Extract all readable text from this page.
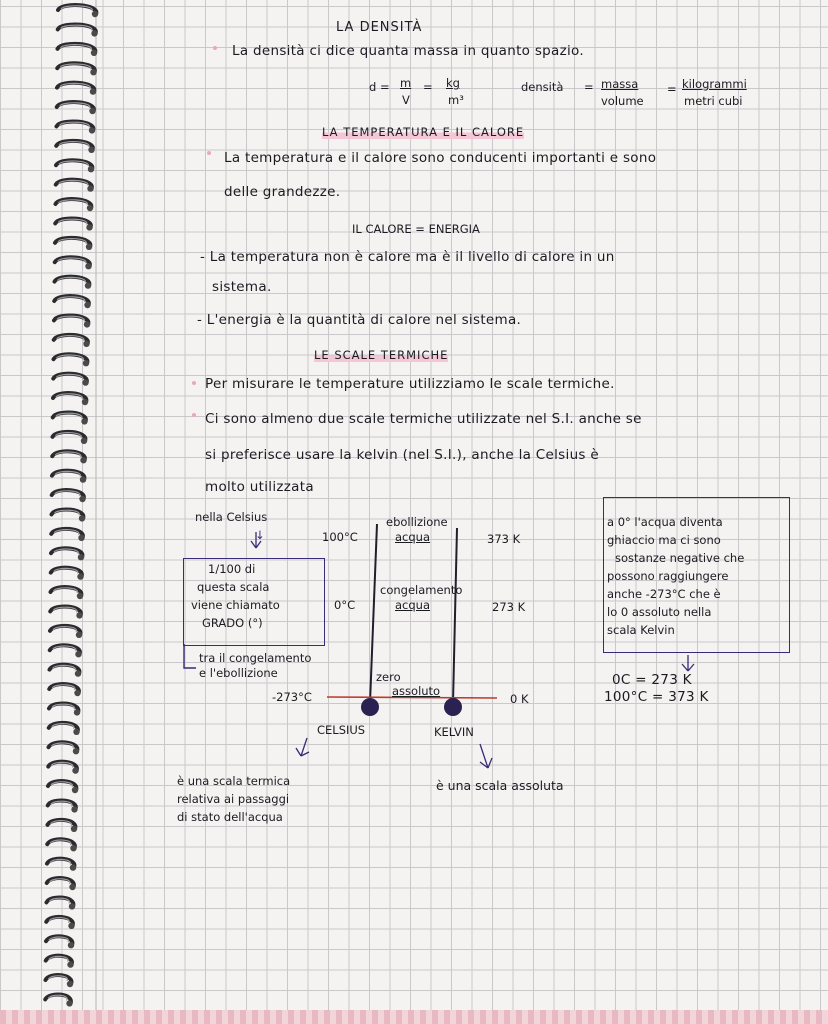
LA DENSITÀ
La densità ci dice quanta massa in quanto spazio.
d = m
V
= kg
m³
densità = massa
volume
= kilogrammi
metri cubi
LA TEMPERATURA E IL CALORE
La temperatura e il calore sono conducenti importanti e sono
delle grandezze.
IL CALORE = ENERGIA
- La temperatura non è calore ma è il livello di calore in un
sistema.
- L'energia è la quantità di calore nel sistema.
LE SCALE TERMICHE
Per misurare le temperature utilizziamo le scale termiche.
Ci sono almeno due scale termiche utilizzate nel S.I. anche se
si preferisce usare la kelvin (nel S.I.), anche la Celsius è
molto utilizzata
nella Celsius
↓
1/100 di
questa scala
viene chiamato
GRADO (°)
tra il congelamento
e l'ebollizione
ebollizione
acqua
100°C	373 K
congelamento
acqua
0°C	273 K
zero
assoluto
-273°C	0 K
CELSIUS	KELVIN
è una scala termica
relativa ai passaggi
di stato dell'acqua
è una scala assoluta
a 0° l'acqua diventa
ghiaccio ma ci sono
sostanze negative che
possono raggiungere
anche -273°C che è
lo 0 assoluto nella
scala Kelvin
0C = 273 K
100°C = 373 K
